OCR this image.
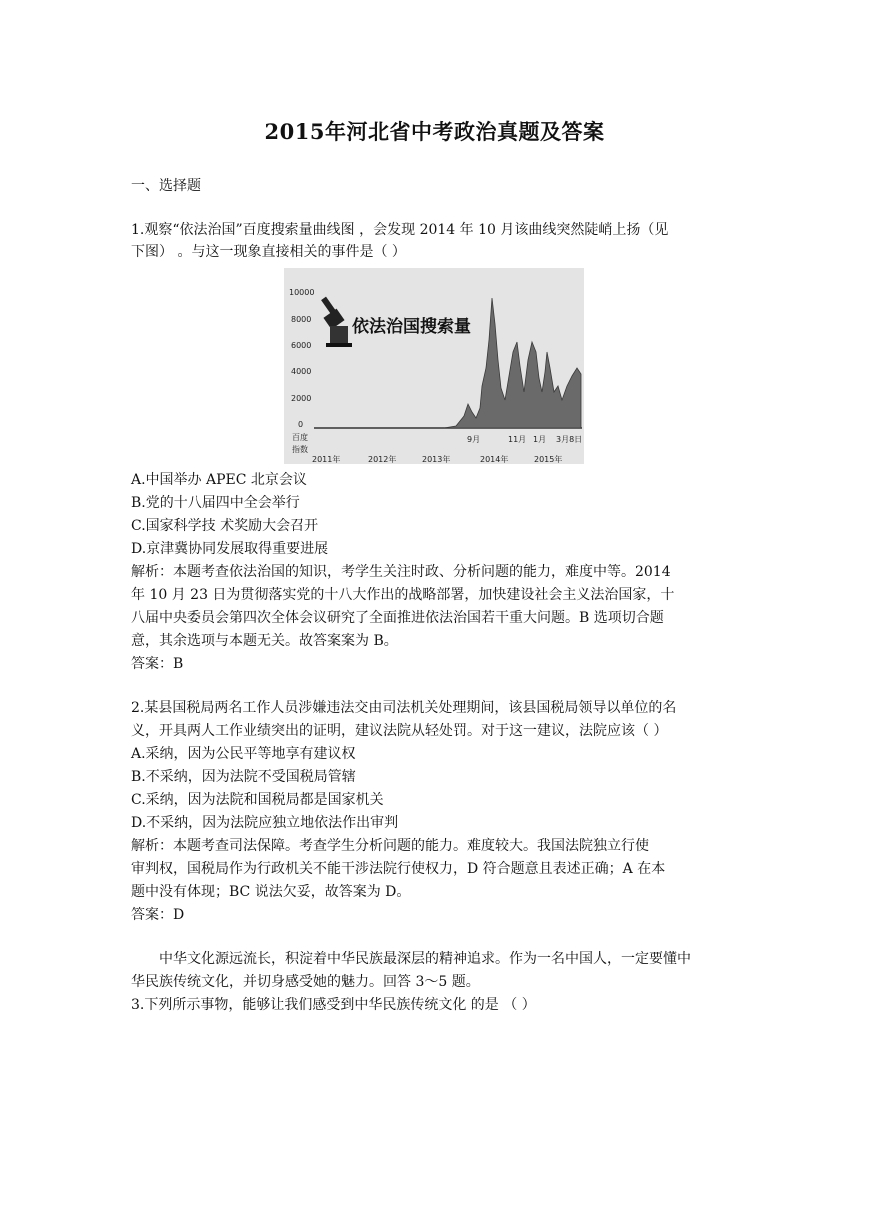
2015年河北省中考政治真题及答案
一、选择题
1.观察“依法治国”百度搜索量曲线图 ，会发现 2014 年 10 月该曲线突然陡峭上扬（见
下图） 。与这一现象直接相关的事件是（ ）
依法治国搜索量
10000
8000
6000
4000
2000
0
百度
指数
9月	11月 1月 3月8日
2011年	2012年	2013年	2014年	2015年
A.中国举办 APEC 北京会议
B.党的十八届四中全会举行
C.国家科学技 术奖励大会召开
D.京津冀协同发展取得重要进展
解析：本题考查依法治国的知识，考学生关注时政、分析问题的能力，难度中等。2014
年 10 月 23 日为贯彻落实党的十八大作出的战略部署，加快建设社会主义法治国家，十
八届中央委员会第四次全体会议研究了全面推进依法治国若干重大问题。B 选项切合题
意，其余选项与本题无关。故答案案为 B。
答案：B
2.某县国税局两名工作人员涉嫌违法交由司法机关处理期间，该县国税局领导以单位的名
义，开具两人工作业绩突出的证明，建议法院从轻处罚。对于这一建议，法院应该（ ）
A.采纳，因为公民平等地享有建议权
B.不采纳，因为法院不受国税局管辖
C.采纳，因为法院和国税局都是国家机关
D.不采纳，因为法院应独立地依法作出审判
解析：本题考查司法保障。考查学生分析问题的能力。难度较大。我国法院独立行使
审判权，国税局作为行政机关不能干涉法院行使权力，D 符合题意且表述正确；A 在本
题中没有体现；BC 说法欠妥，故答案为 D。
答案：D
中华文化源远流长，积淀着中华民族最深层的精神追求。作为一名中国人，一定要懂中
华民族传统文化，并切身感受她的魅力。回答 3～5 题。
3.下列所示事物，能够让我们感受到中华民族传统文化 的是 （ ）
